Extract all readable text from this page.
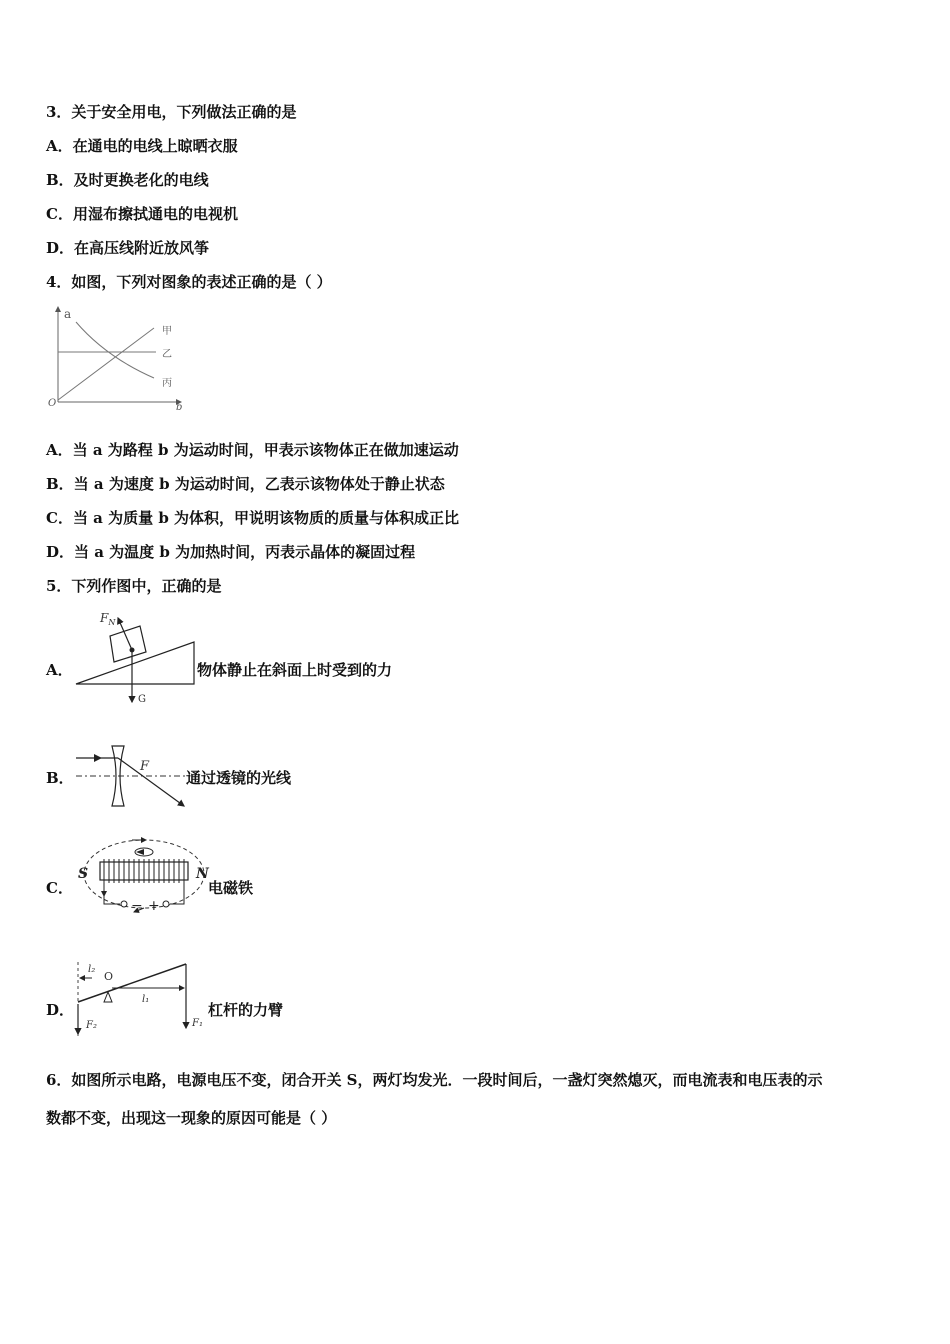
3．关于安全用电，下列做法正确的是
A．在通电的电线上晾晒衣服
B．及时更换老化的电线
C．用湿布擦拭通电的电视机
D．在高压线附近放风筝
4．如图，下列对图象的表述正确的是（ ）
a
b
O
甲
乙
丙
A．当 a 为路程 b 为运动时间，甲表示该物体正在做加速运动
B．当 a 为速度 b 为运动时间，乙表示该物体处于静止状态
C．当 a 为质量 b 为体积，甲说明该物质的质量与体积成正比
D．当 a 为温度 b 为加热时间，丙表示晶体的凝固过程
5．下列作图中，正确的是
A．
$F_N$
G
物体静止在斜面上时受到的力
B．
F
通过透镜的光线
C．
− +
S	N
电磁铁
D．
l₂
O
l₁
F₂	F₁
杠杆的力臂
6．如图所示电路，电源电压不变，闭合开关 S，两灯均发光．一段时间后，一盏灯突然熄灭，而电流表和电压表的示
数都不变，出现这一现象的原因可能是（ ）
